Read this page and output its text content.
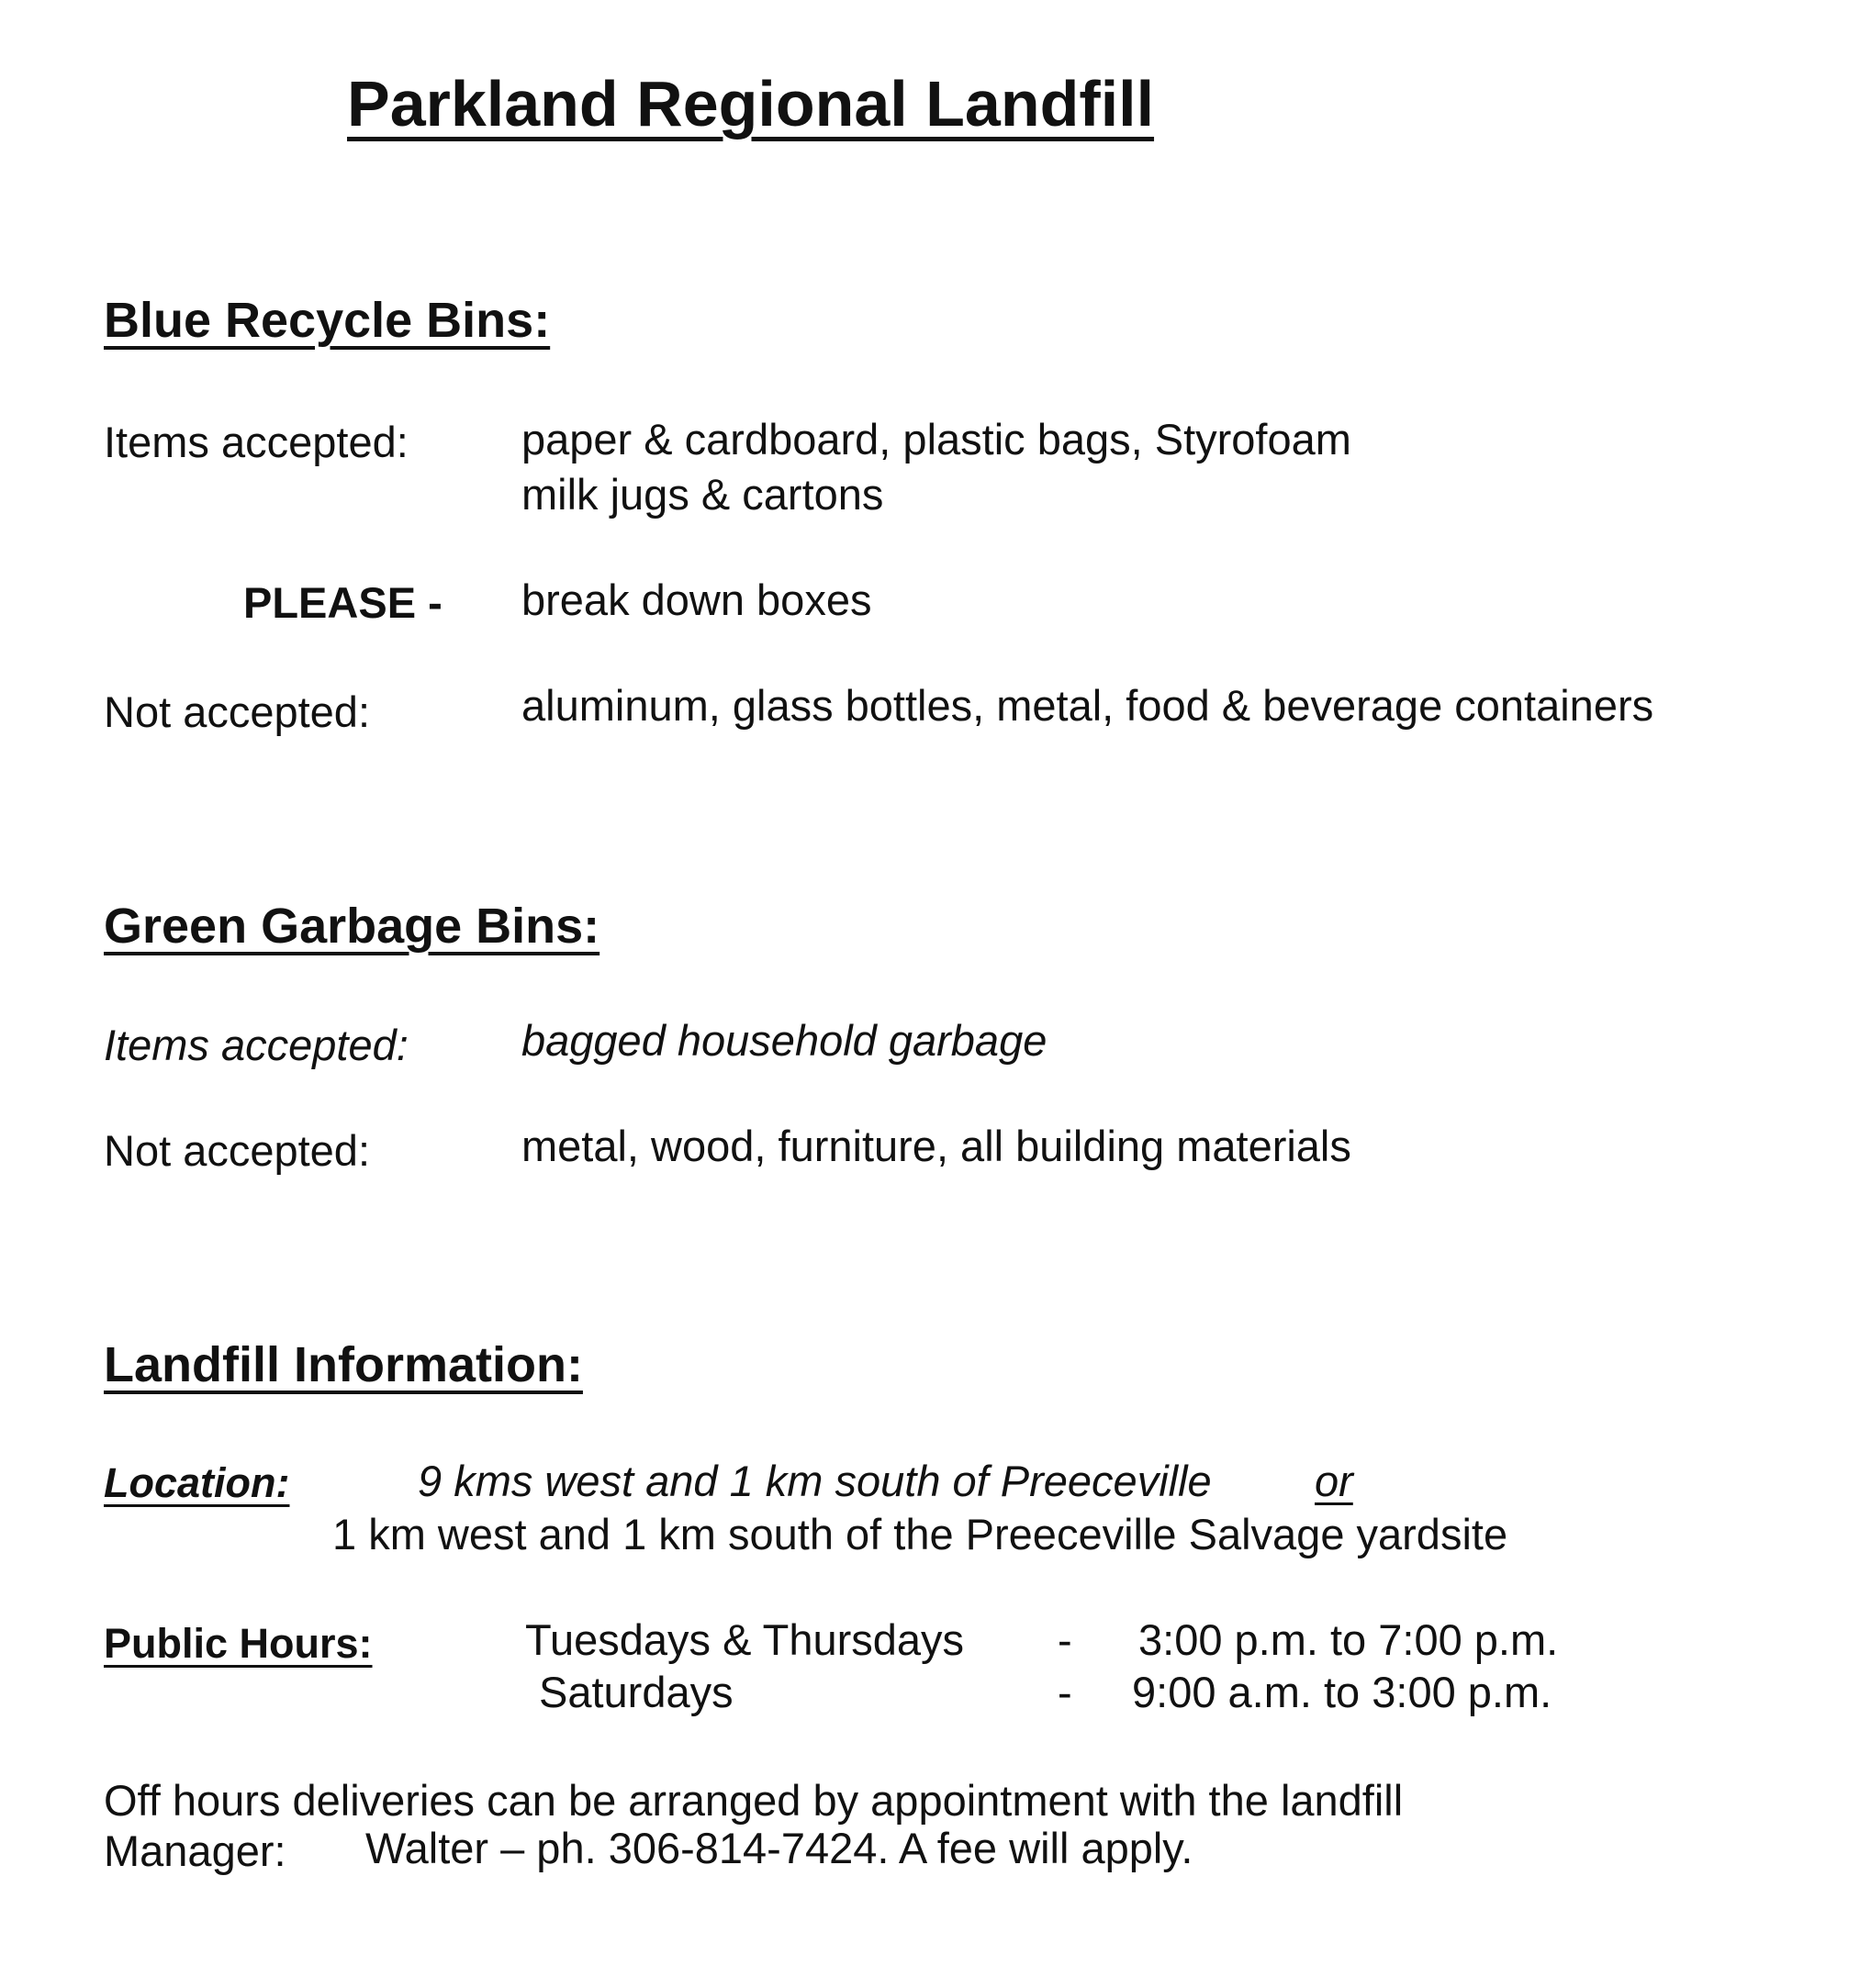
Parkland Regional Landfill
Blue Recycle Bins:
Items accepted:	paper & cardboard, plastic bags, Styrofoam
milk jugs & cartons
PLEASE - break down boxes
Not accepted:	aluminum, glass bottles, metal, food & beverage containers
Green Garbage Bins:
Items accepted:	bagged household garbage
Not accepted:	metal, wood, furniture, all building materials
Landfill Information:
Location:	9 kms west and 1 km south of Preeceville or
1 km west and 1 km south of the Preeceville Salvage yardsite
Public Hours:	Tuesdays & Thursdays - 3:00 p.m. to 7:00 p.m.
Saturdays	- 9:00 a.m. to 3:00 p.m.
Off hours deliveries can be arranged by appointment with the landfill
Manager: Walter – ph. 306-814-7424. A fee will apply.
